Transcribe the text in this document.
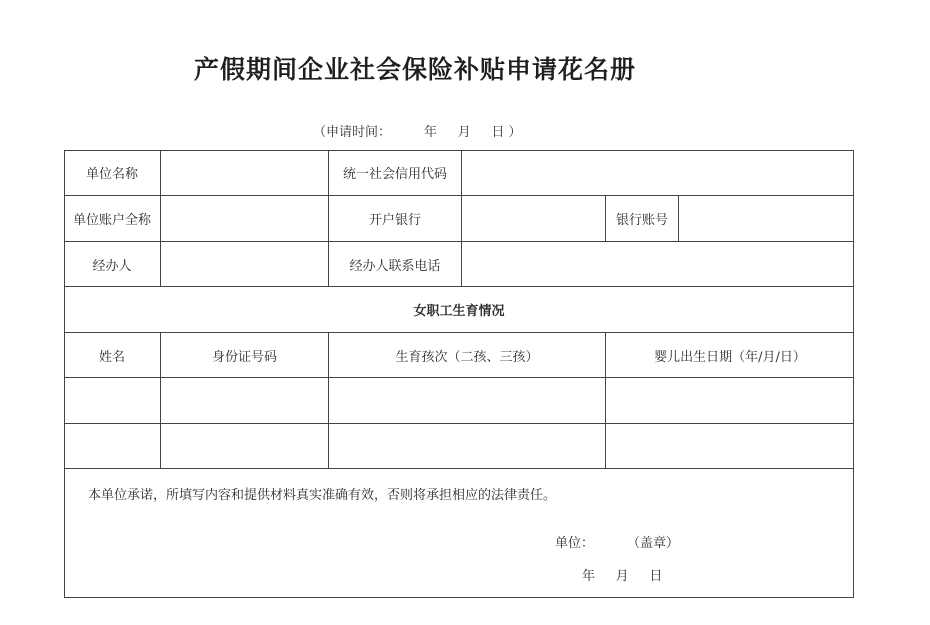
产假期间企业社会保险补贴申请花名册
（申请时间：        年     月     日 ）
单位名称	统一社会信用代码
单位账户全称	开户银行	银行账号
经办人	经办人联系电话
女职工生育情况
姓名	身份证号码	生育孩次（二孩、三孩）	婴儿出生日期（年/月/日）
本单位承诺，所填写内容和提供材料真实准确有效，否则将承担相应的法律责任。
单位：        （盖章）
年     月     日
